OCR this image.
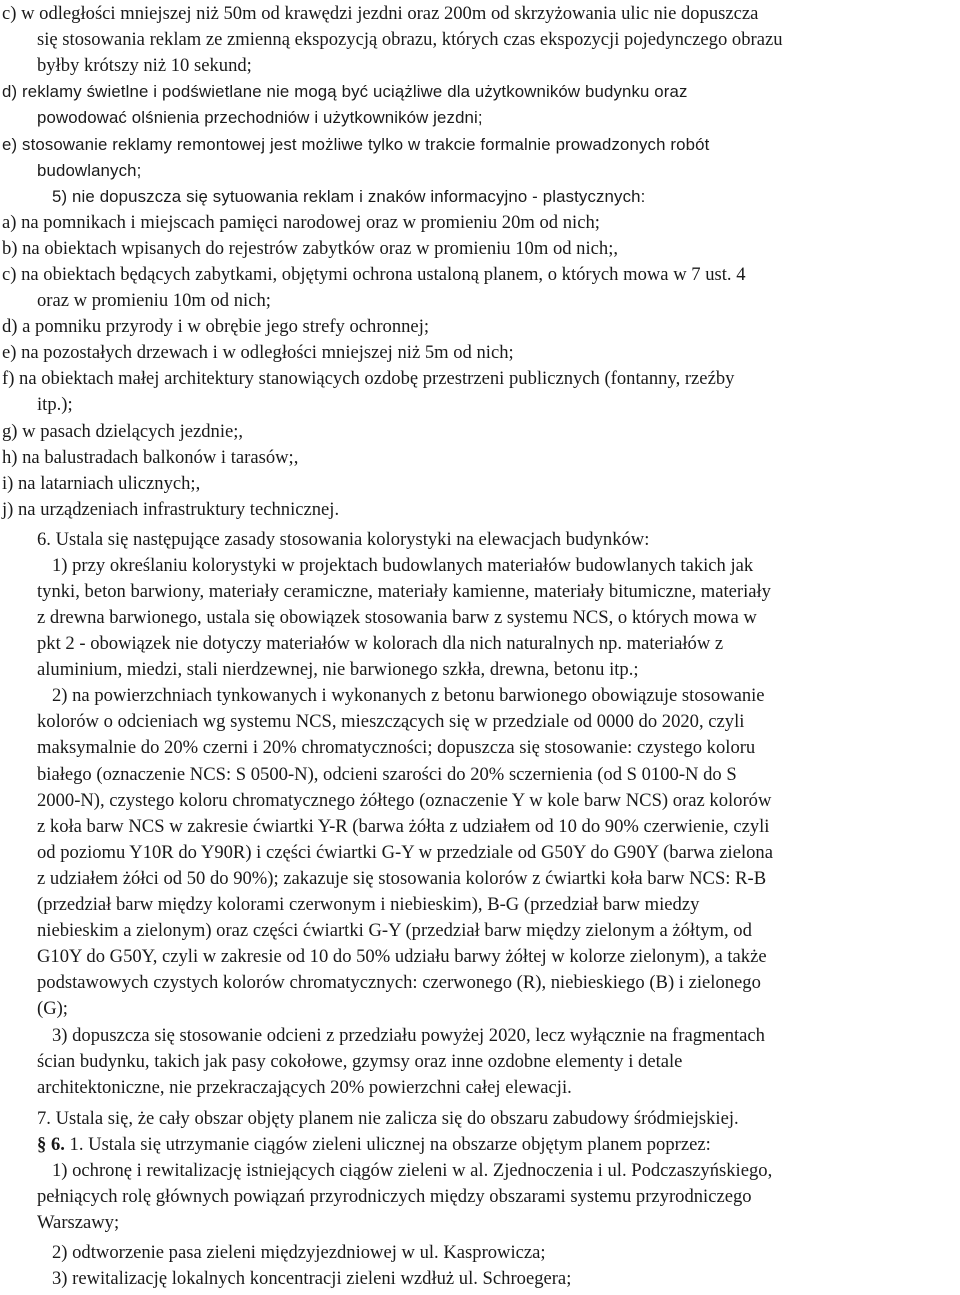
c) w odległości mniejszej niż 50m od krawędzi jezdni oraz 200m od skrzyżowania ulic nie dopuszcza
się stosowania reklam ze zmienną ekspozycją obrazu, których czas ekspozycji pojedynczego obrazu
byłby krótszy niż 10 sekund;
d) reklamy świetlne i podświetlane nie mogą być uciążliwe dla użytkowników budynku oraz
powodować olśnienia przechodniów i użytkowników jezdni;
e) stosowanie reklamy remontowej jest możliwe tylko w trakcie formalnie prowadzonych robót
budowlanych;
5) nie dopuszcza się sytuowania reklam i znaków informacyjno - plastycznych:
a) na pomnikach i miejscach pamięci narodowej oraz w promieniu 20m od nich;
b) na obiektach wpisanych do rejestrów zabytków oraz w promieniu 10m od nich;,
c) na obiektach będących zabytkami, objętymi ochrona ustaloną planem, o których mowa w 7 ust. 4
oraz w promieniu 10m od nich;
d) a pomniku przyrody i w obrębie jego strefy ochronnej;
e) na pozostałych drzewach i w odległości mniejszej niż 5m od nich;
f) na obiektach małej architektury stanowiących ozdobę przestrzeni publicznych (fontanny, rzeźby
itp.);
g) w pasach dzielących jezdnie;,
h) na balustradach balkonów i tarasów;,
i) na latarniach ulicznych;,
j) na urządzeniach infrastruktury technicznej.
6. Ustala się następujące zasady stosowania kolorystyki na elewacjach budynków:
1) przy określaniu kolorystyki w projektach budowlanych materiałów budowlanych takich jak
tynki, beton barwiony, materiały ceramiczne, materiały kamienne, materiały bitumiczne, materiały
z drewna barwionego, ustala się obowiązek stosowania barw z systemu NCS, o których mowa w
pkt 2 - obowiązek nie dotyczy materiałów w kolorach dla nich naturalnych np. materiałów z
aluminium, miedzi, stali nierdzewnej, nie barwionego szkła, drewna, betonu itp.;
2) na powierzchniach tynkowanych i wykonanych z betonu barwionego obowiązuje stosowanie
kolorów o odcieniach wg systemu NCS, mieszczących się w przedziale od 0000 do 2020, czyli
maksymalnie do 20% czerni i 20% chromatyczności; dopuszcza się stosowanie: czystego koloru
białego (oznaczenie NCS: S 0500-N), odcieni szarości do 20% sczernienia (od S 0100-N do S
2000-N), czystego koloru chromatycznego żółtego (oznaczenie Y w kole barw NCS) oraz kolorów
z koła barw NCS w zakresie ćwiartki Y-R (barwa żółta z udziałem od 10 do 90% czerwienie, czyli
od poziomu Y10R do Y90R) i części ćwiartki G-Y w przedziale od G50Y do G90Y (barwa zielona
z udziałem żółci od 50 do 90%); zakazuje się stosowania kolorów z ćwiartki koła barw NCS: R-B
(przedział barw między kolorami czerwonym i niebieskim), B-G (przedział barw miedzy
niebieskim a zielonym) oraz części ćwiartki G-Y (przedział barw między zielonym a żółtym, od
G10Y do G50Y, czyli w zakresie od 10 do 50% udziału barwy żółtej w kolorze zielonym), a także
podstawowych czystych kolorów chromatycznych: czerwonego (R), niebieskiego (B) i zielonego
(G);
3) dopuszcza się stosowanie odcieni z przedziału powyżej 2020, lecz wyłącznie na fragmentach
ścian budynku, takich jak pasy cokołowe, gzymsy oraz inne ozdobne elementy i detale
architektoniczne, nie przekraczających 20% powierzchni całej elewacji.
7. Ustala się, że cały obszar objęty planem nie zalicza się do obszaru zabudowy śródmiejskiej.
§ 6. 1. Ustala się utrzymanie ciągów zieleni ulicznej na obszarze objętym planem poprzez:
1) ochronę i rewitalizację istniejących ciągów zieleni w al. Zjednoczenia i ul. Podczaszyńskiego,
pełniących rolę głównych powiązań przyrodniczych między obszarami systemu przyrodniczego
Warszawy;
2) odtworzenie pasa zieleni międzyjezdniowej w ul. Kasprowicza;
3) rewitalizację lokalnych koncentracji zieleni wzdłuż ul. Schroegera;
